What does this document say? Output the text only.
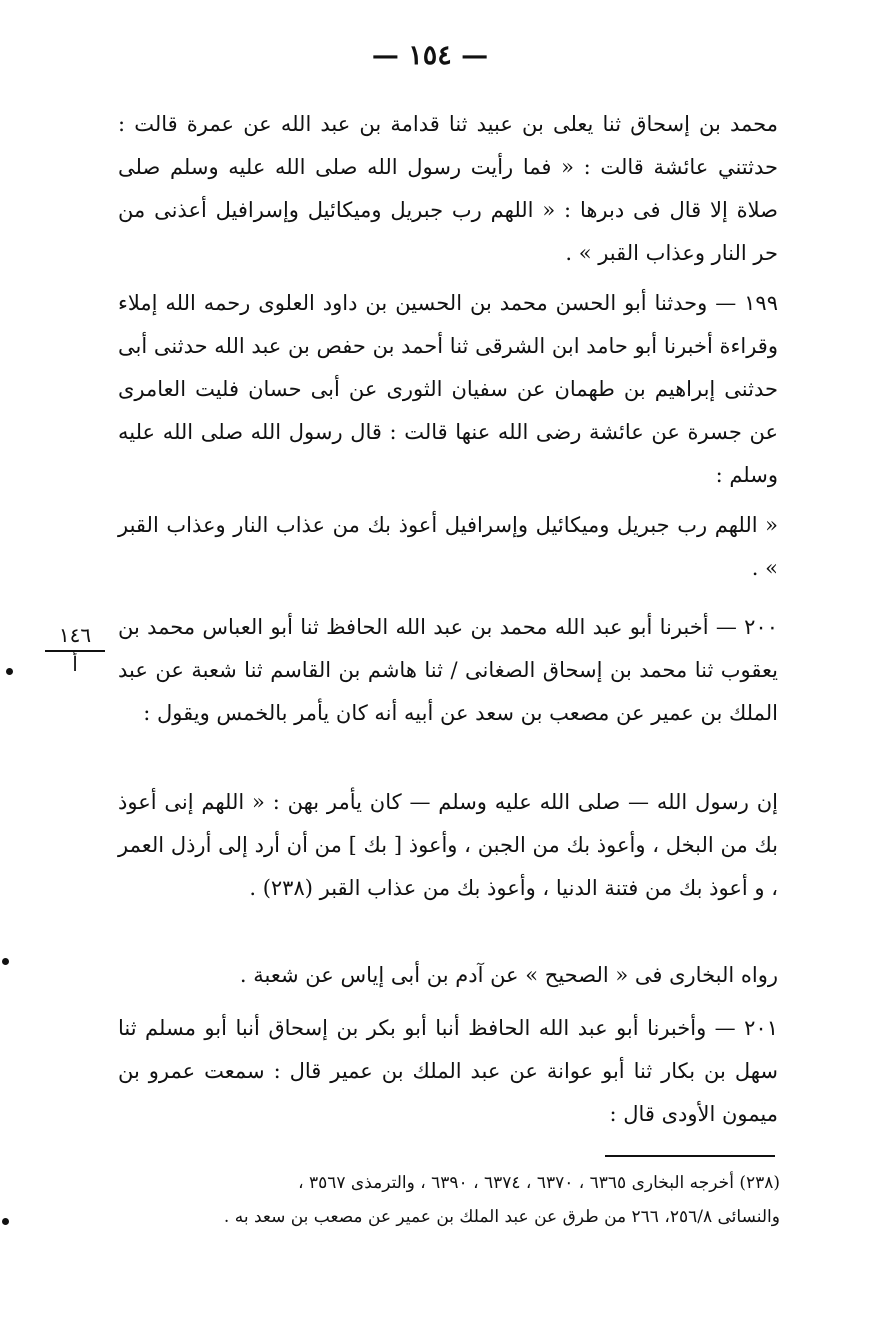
— ١٥٤ —

محمد بن إسحاق ثنا يعلى بن عبيد ثنا قدامة بن عبد الله عن عمرة قالت : حدثتني عائشة قالت : « فما رأيت رسول الله صلى الله عليه وسلم صلى صلاة إلا قال فى دبرها : « اللهم رب جبريل وميكائيل وإسرافيل أعذنى من حر النار وعذاب القبر » .

١٩٩ — وحدثنا أبو الحسن محمد بن الحسين بن داود العلوى رحمه الله إملاء وقراءة أخبرنا أبو حامد ابن الشرقى ثنا أحمد بن حفص بن عبد الله حدثنى أبى حدثنى إبراهيم بن طهمان عن سفيان الثورى عن أبى حسان فليت العامرى عن جسرة عن عائشة رضى الله عنها قالت : قال رسول الله صلى الله عليه وسلم :

« اللهم رب جبريل وميكائيل وإسرافيل أعوذ بك من عذاب النار وعذاب القبر » .

٢٠٠ — أخبرنا أبو عبد الله محمد بن عبد الله الحافظ ثنا أبو العباس محمد بن يعقوب ثنا محمد بن إسحاق الصغانى / ثنا هاشم بن القاسم ثنا شعبة عن عبد الملك بن عمير عن مصعب بن سعد عن أبيه أنه كان يأمر بالخمس ويقول :

إن رسول الله — صلى الله عليه وسلم — كان يأمر بهن : « اللهم إنى أعوذ بك من البخل ، وأعوذ بك من الجبن ، وأعوذ [ بك ] من أن أرد إلى أرذل العمر ، و أعوذ بك من فتنة الدنيا ، وأعوذ بك من عذاب القبر (٢٣٨) .

رواه البخارى فى « الصحيح » عن آدم بن أبى إياس عن شعبة .

٢٠١ — وأخبرنا أبو عبد الله الحافظ أنبا أبو بكر بن إسحاق أنبا أبو مسلم ثنا سهل بن بكار ثنا أبو عوانة عن عبد الملك بن عمير قال : سمعت عمرو بن ميمون الأودى قال :

١٤٦
أ

(٢٣٨) أخرجه البخارى ٦٣٦٥ ، ٦٣٧٠ ، ٦٣٧٤ ، ٦٣٩٠ ، والترمذى ٣٥٦٧ ،

والنسائى ٢٥٦/٨، ٢٦٦ من طرق عن عبد الملك بن عمير عن مصعب بن سعد به .
